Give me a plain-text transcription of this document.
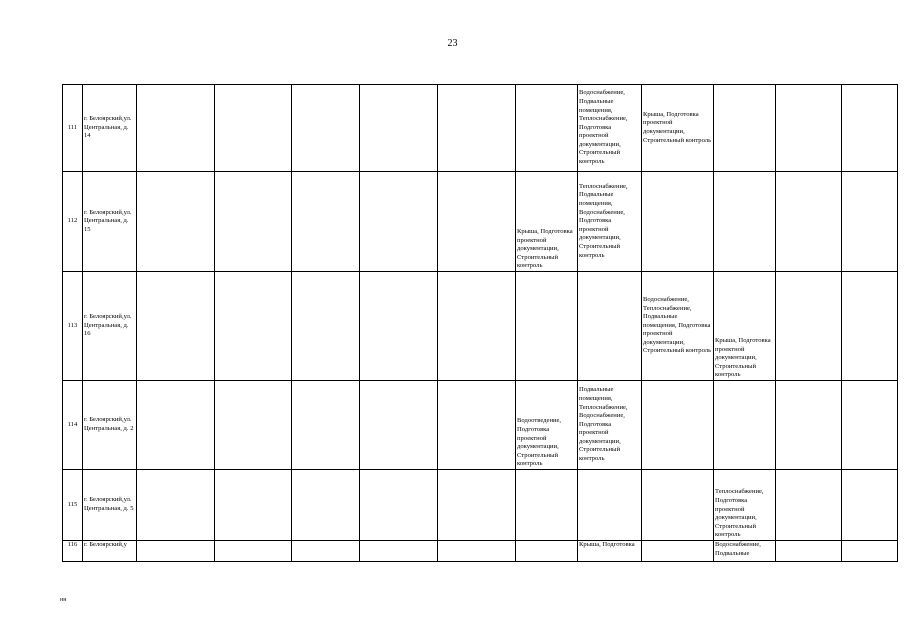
23
111	г. Белоярский,ул. Центральная, д. 14							Водоснабжение, Подвальные помещения, Теплоснабжение, Подготовка проектной документации, Строительный контроль	Крыша, Подготовка проектной документации, Строительный контроль			
112	г. Белоярский,ул. Центральная, д. 15						Крыша, Подготовка проектной документации, Строительный контроль	Теплоснабжение, Подвальные помещения, Водоснабжение, Подготовка проектной документации, Строительный контроль				
113	г. Белоярский,ул. Центральная, д. 16								Водоснабжение, Теплоснабжение, Подвальные помещения, Подготовка проектной документации, Строительный контроль	Крыша, Подготовка проектной документации, Строительный контроль		
114	г. Белоярский,ул. Центральная, д. 2						Водоотведение, Подготовка проектной документации, Строительный контроль	Подвальные помещения, Теплоснабжение, Водоснабжение, Подготовка проектной документации, Строительный контроль				
115	г. Белоярский,ул. Центральная, д. 5									Теплоснабжение, Подготовка проектной документации, Строительный контроль		
116	г. Белоярский,у							Крыша, Подготовка		Водоснабжение, Подвальные		
нн
